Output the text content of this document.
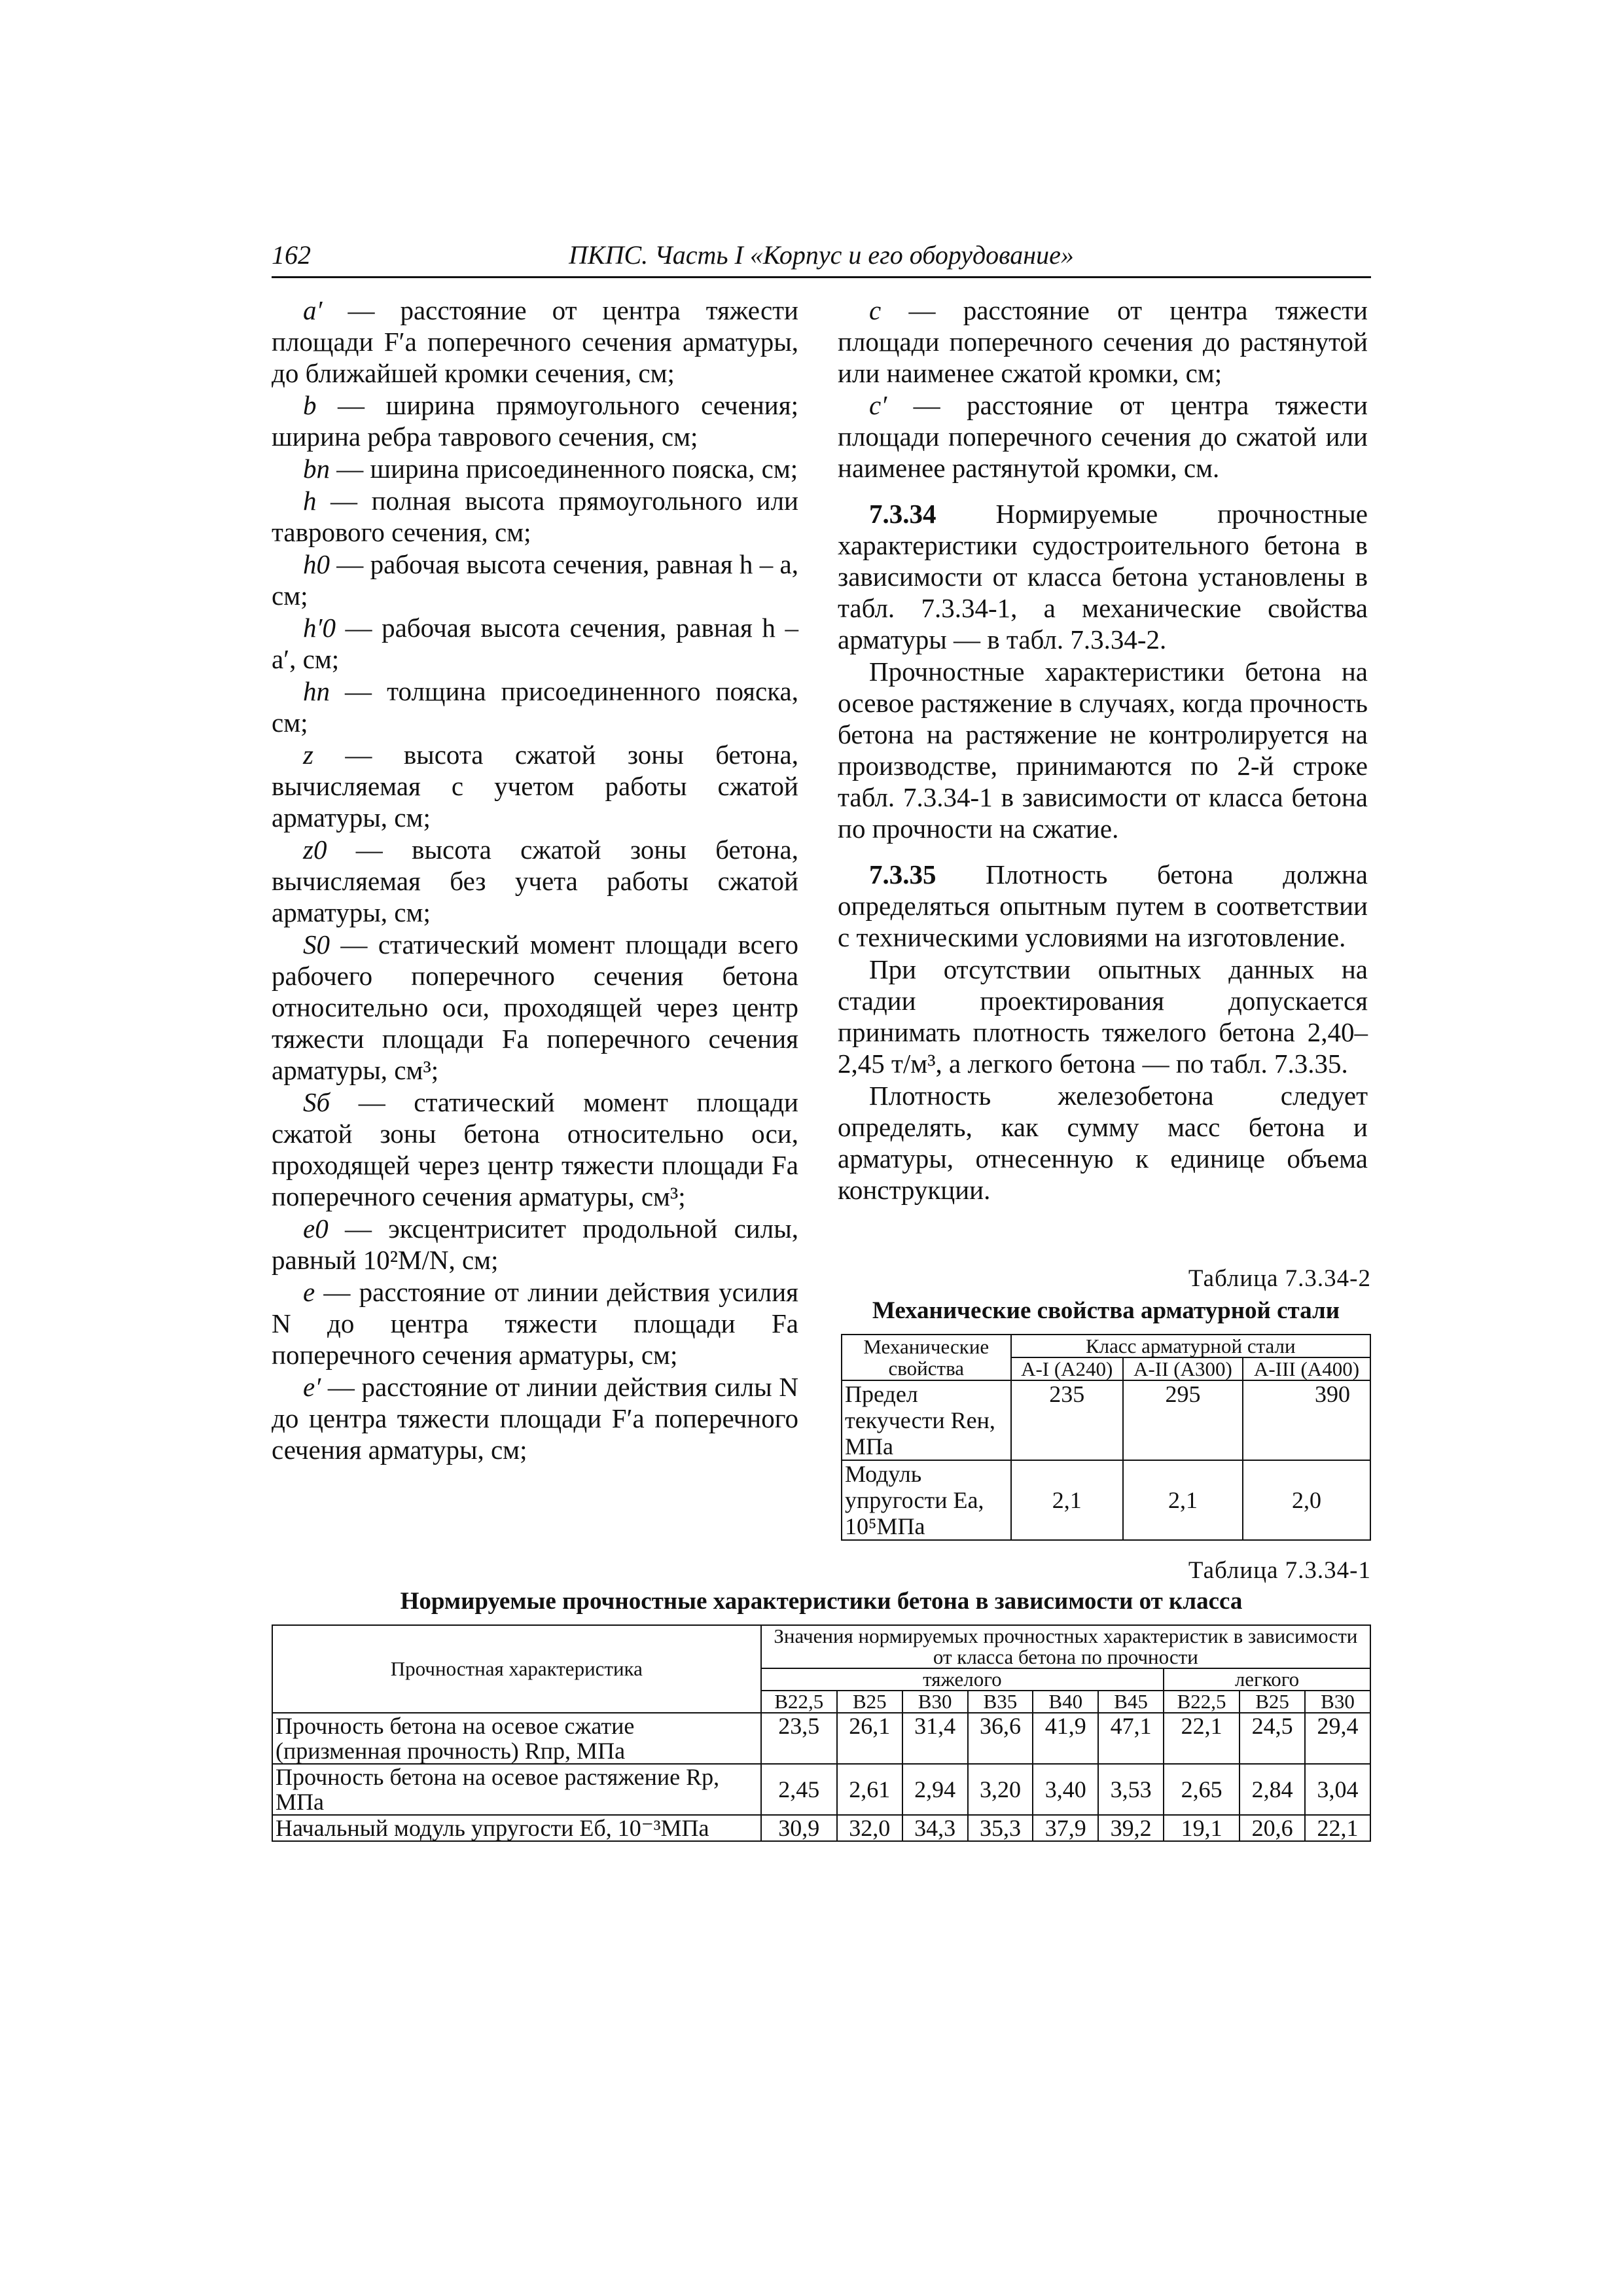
162	ПКПС. Часть I «Корпус и его оборудование»

a′ — расстояние от центра тяжести площади F′а поперечного сечения арматуры, до ближайшей кромки сечения, см;

b — ширина прямоугольного сечения; ширина ребра таврового сечения, см;

bп — ширина присоединенного пояска, см;

h — полная высота прямоугольного или таврового сечения, см;

h0 — рабочая высота сечения, равная h – a, см;

h′0 — рабочая высота сечения, равная h – a′, см;

hп — толщина присоединенного пояска, см;

z — высота сжатой зоны бетона, вычисляемая с учетом работы сжатой арматуры, см;

z0 — высота сжатой зоны бетона, вычисляемая без учета работы сжатой арматуры, см;

S0 — статический момент площади всего рабочего поперечного сечения бетона относительно оси, проходящей через центр тяжести площади Fа поперечного сечения арматуры, см³;

Sб — статический момент площади сжатой зоны бетона относительно оси, проходящей через центр тяжести площади Fа поперечного сечения арматуры, см³;

e0 — эксцентриситет продольной силы, равный 10²M/N, см;

e — расстояние от линии действия усилия N до центра тяжести площади Fа поперечного сечения арматуры, см;

e′ — расстояние от линии действия силы N до центра тяжести площади F′а поперечного сечения арматуры, см;

c — расстояние от центра тяжести площади поперечного сечения до растянутой или наименее сжатой кромки, см;

c′ — расстояние от центра тяжести площади поперечного сечения до сжатой или наименее растянутой кромки, см.

7.3.34 Нормируемые прочностные характеристики судостроительного бетона в зависимости от класса бетона установлены в табл. 7.3.34-1, а механические свойства арматуры — в табл. 7.3.34-2.

Прочностные характеристики бетона на осевое растяжение в случаях, когда прочность бетона на растяжение не контролируется на производстве, принимаются по 2-й строке табл. 7.3.34-1 в зависимости от класса бетона по прочности на сжатие.

7.3.35 Плотность бетона должна определяться опытным путем в соответствии с техническими условиями на изготовление.

При отсутствии опытных данных на стадии проектирования допускается принимать плотность тяжелого бетона 2,40–2,45 т/м³, а легкого бетона — по табл. 7.3.35.

Плотность железобетона следует определять, как сумму масс бетона и арматуры, отнесенную к единице объема конструкции.

Таблица 7.3.34-2
Механические свойства арматурной стали
Механические свойства	Класс арматурной стали		
	А-I (А240)	А-II (А300)	А-III (А400)
Предел текучести Reн, МПа	235	295	390
Модуль упругости Eа, 10⁵МПа	2,1	2,1	2,0
Таблица 7.3.34-1
Нормируемые прочностные характеристики бетона в зависимости от класса
Прочностная характеристика	Значения нормируемых прочностных характеристик в зависимости от класса бетона по прочности								
	тяжелого						легкого		
	В22,5	В25	В30	В35	В40	В45	В22,5	В25	В30
Прочность бетона на осевое сжатие (призменная прочность) Rпр, МПа	23,5	26,1	31,4	36,6	41,9	47,1	22,1	24,5	29,4
Прочность бетона на осевое растяжение Rр, МПа	2,45	2,61	2,94	3,20	3,40	3,53	2,65	2,84	3,04
Начальный модуль упругости Eб, 10⁻³МПа	30,9	32,0	34,3	35,3	37,9	39,2	19,1	20,6	22,1
